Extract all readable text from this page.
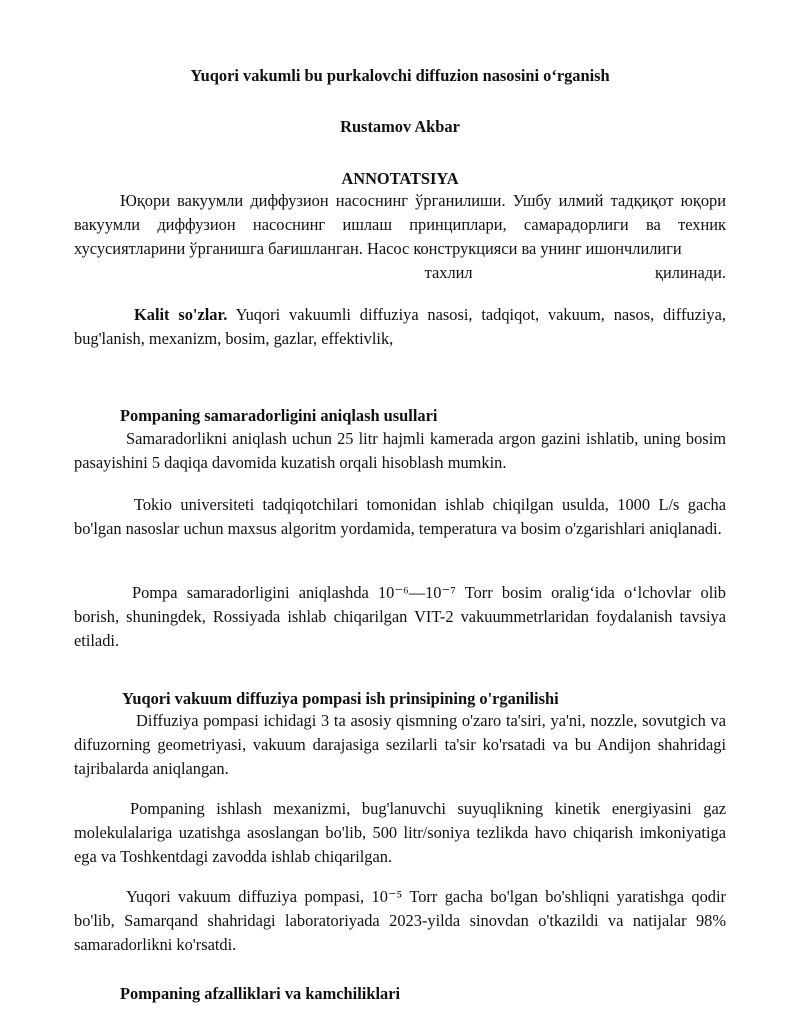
Yuqori vakumli bu purkalovchi diffuzion nasosini o‘rganish
Rustamov Akbar
ANNOTATSIYA
Юқори вакуумли диффузион насоснинг ўрганилиши. Ушбу илмий тадқиқот юқори вакуумли диффузион насоснинг ишлаш принциплари, самарадорлиги ва техник хусусиятларини ўрганишга бағишланган. Насос конструкцияси ва унинг ишончлилиги
тахлил	қилинади.
Kalit so'zlar. Yuqori vakuumli diffuziya nasosi, tadqiqot, vakuum, nasos, diffuziya, bug'lanish, mexanizm, bosim, gazlar, effektivlik,
Pompaning samaradorligini aniqlash usullari
Samaradorlikni aniqlash uchun 25 litr hajmli kamerada argon gazini ishlatib, uning bosim pasayishini 5 daqiqa davomida kuzatish orqali hisoblash mumkin.
Tokio universiteti tadqiqotchilari tomonidan ishlab chiqilgan usulda, 1000 L/s gacha bo'lgan nasoslar uchun maxsus algoritm yordamida, temperatura va bosim o'zgarishlari aniqlanadi.
Pompa samaradorligini aniqlashda 10⁻⁶—10⁻⁷ Torr bosim oralig‘ida o‘lchovlar olib borish, shuningdek, Rossiyada ishlab chiqarilgan VIT-2 vakuummetrlaridan foydalanish tavsiya etiladi.
Yuqori vakuum diffuziya pompasi ish prinsipining o'rganilishi
Diffuziya pompasi ichidagi 3 ta asosiy qismning o'zaro ta'siri, ya'ni, nozzle, sovutgich va difuzorning geometriyasi, vakuum darajasiga sezilarli ta'sir ko'rsatadi va bu Andijon shahridagi tajribalarda aniqlangan.
Pompaning ishlash mexanizmi, bug'lanuvchi suyuqlikning kinetik energiyasini gaz molekulalariga uzatishga asoslangan bo'lib, 500 litr/soniya tezlikda havo chiqarish imkoniyatiga ega va Toshkentdagi zavodda ishlab chiqarilgan.
Yuqori vakuum diffuziya pompasi, 10⁻⁵ Torr gacha bo'lgan bo'shliqni yaratishga qodir bo'lib, Samarqand shahridagi laboratoriyada 2023-yilda sinovdan o'tkazildi va natijalar 98% samaradorlikni ko'rsatdi.
Pompaning afzalliklari va kamchiliklari
